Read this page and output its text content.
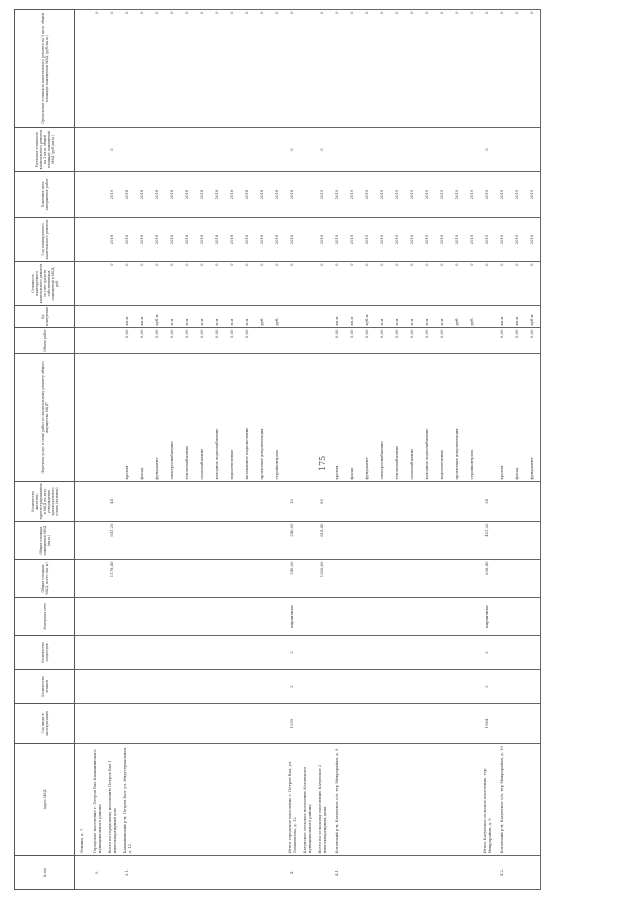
175
№ п/п	Адрес МКД	Год ввода в эксплуатацию	Количество этажей	Количество подъездов	Материал стен	Общая площадь МКД, всего (кв. м)	Общая площадь помещений МКД (кв.м.)	Количество жителей, зарегистрированных в МКД на дату утверждения краткосрочного плана (человек)	Перечень услуг и (или) работ по капитальному ремонту общего имущества МКД*	Объем работ	Ед. измерения	Стоимость планируемого капитального ремонта за счет средств собственников помещений в МКД, руб.	Год планируемого капитального ремонта	Плановая дата завершения работ	Удельная стоимость капитального ремонта на 1 кв.м. общей площади помещений МКД (руб./кв.м.)	Предельная стоимость капитального ремонта на 1 кв.м. общей площади помещений МКД (руб./кв.м.)
	Ленина, д. 7															
3.	Городское поселение г. Петров Вал Камышинского муниципального района															0
	Всего по городскому поселению Петров Вал 1 многоквартирный дом					1178,40	941,20	44				0	2018	2019	0	0
3.1.	Камышинский р-н, Петров Вал, ул. Индустриальная, д. 12								кровля	0,00	кв.м	0	2018	2018		0
									фасад	0,00	кв.м	0	2018	2018		0
									фундамент	0,00	куб.м	0	2018	2018		0
									электроснабжение	0,00	п.м	0	2018	2018		0
									теплоснабжение	0,00	п.м	0	2018	2018		0
									газоснабжение	0,00	п.м	0	2018	2018		0
									холодное водоснабжение	0,00	п.м	0	2018	2018		0
									водоотведение	0,00	п.м	0	2018	2018		0
									незаконное подключение	0,00	п.м	0	2018	2018		0
									проектная документация		руб.	0	2018	2018		0
									стройконтроль		руб.	0	2018	2018		0
4.	Итого городское поселение г. Петров Вал, ул. Ломоносова, д. 12	1959	2	2	кирпичные	540,00	540,00	10				0	2018	2018	0	0
	Катунское сельское поселение Котовского муниципального района															
	Всего по сельскому поселению Катунское 2 многоквартирных дома					1309,60	818,40	85				0	2019	2019	0	0
4.1.	Котовский р-н, Катунское с/п, тер Микрорайон, д. 9								кровля	0,00	кв.м	0	2019	2019		0
									фасад	0,00	кв.м	0	2019	2019		0
									фундамент	0,00	куб.м	0	2019	2019		0
									электроснабжение	0,00	п.м	0	2019	2019		0
									теплоснабжение	0,00	п.м	0	2019	2019		0
									газоснабжение	0,00	п.м	0	2019	2019		0
									холодное водоснабжение	0,00	п.м	0	2019	2019		0
									водоотведение	0,00	п.м	0	2019	2019		0
									проектная документация		руб.	0	2019	2019		0
									стройконтроль		руб.	0	2019	2019		0
	Итого Катунское сельское поселение, тер. Микрорайон, д. 9	1964	2	2	кирпичные	638,40	401,20	34				0	2019	2019	0	0
4.2.	Котовский р-н, Катунское с/п, тер Микрорайон, д. 10								кровля	0,00	кв.м	0	2019	2019		0
									фасад	0,00	кв.м	0	2019	2019		0
									фундамент	0,00	куб.м	0	2019	2019		0
